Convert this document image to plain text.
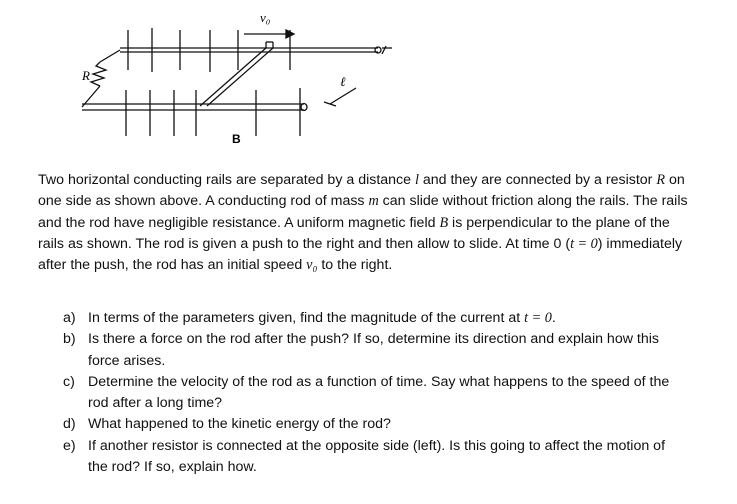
v₀
R
B
ℓ

Two horizontal conducting rails are separated by a distance l and they are connected by a resistor R on one side as shown above. A conducting rod of mass m can slide without friction along the rails. The rails and the rod have negligible resistance. A uniform magnetic field B is perpendicular to the plane of the rails as shown. The rod is given a push to the right and then allow to slide. At time 0 (t = 0) immediately after the push, the rod has an initial speed v₀ to the right.

a) In terms of the parameters given, find the magnitude of the current at t = 0.
b) Is there a force on the rod after the push? If so, determine its direction and explain how this force arises.
c) Determine the velocity of the rod as a function of time. Say what happens to the speed of the rod after a long time?
d) What happened to the kinetic energy of the rod?
e) If another resistor is connected at the opposite side (left). Is this going to affect the motion of the rod? If so, explain how.
